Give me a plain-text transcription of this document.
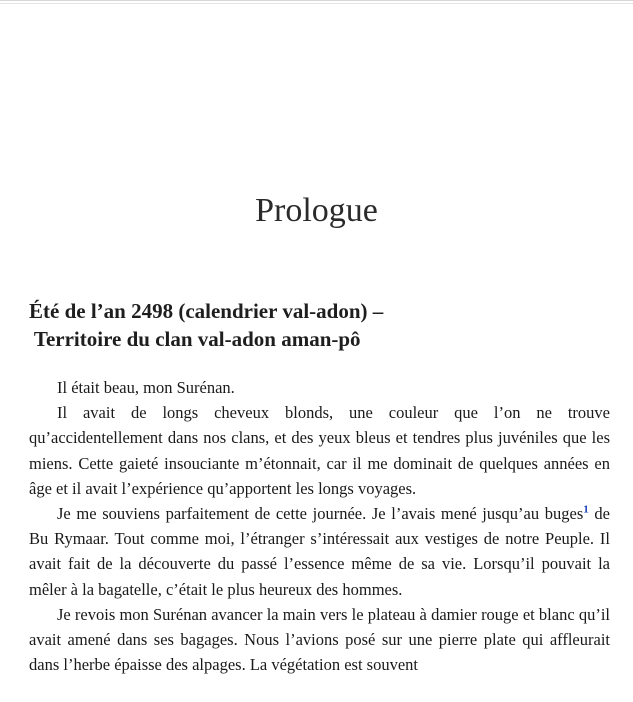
Prologue
Été de l’an 2498 (calendrier val-adon) –
Territoire du clan val-adon aman-pô

Il était beau, mon Surénan.

Il avait de longs cheveux blonds, une couleur que l’on ne trouve qu’accidentellement dans nos clans, et des yeux bleus et tendres plus juvéniles que les miens. Cette gaieté insouciante m’étonnait, car il me dominait de quelques années en âge et il avait l’expérience qu’apportent les longs voyages.

Je me souviens parfaitement de cette journée. Je l’avais mené jusqu’au buges$^1$ de Bu Rymaar. Tout comme moi, l’étranger s’intéressait aux vestiges de notre Peuple. Il avait fait de la découverte du passé l’essence même de sa vie. Lorsqu’il pouvait la mêler à la bagatelle, c’était le plus heureux des hommes.

Je revois mon Surénan avancer la main vers le plateau à damier rouge et blanc qu’il avait amené dans ses bagages. Nous l’avions posé sur une pierre plate qui affleurait dans l’herbe épaisse des alpages. La végétation est souvent
